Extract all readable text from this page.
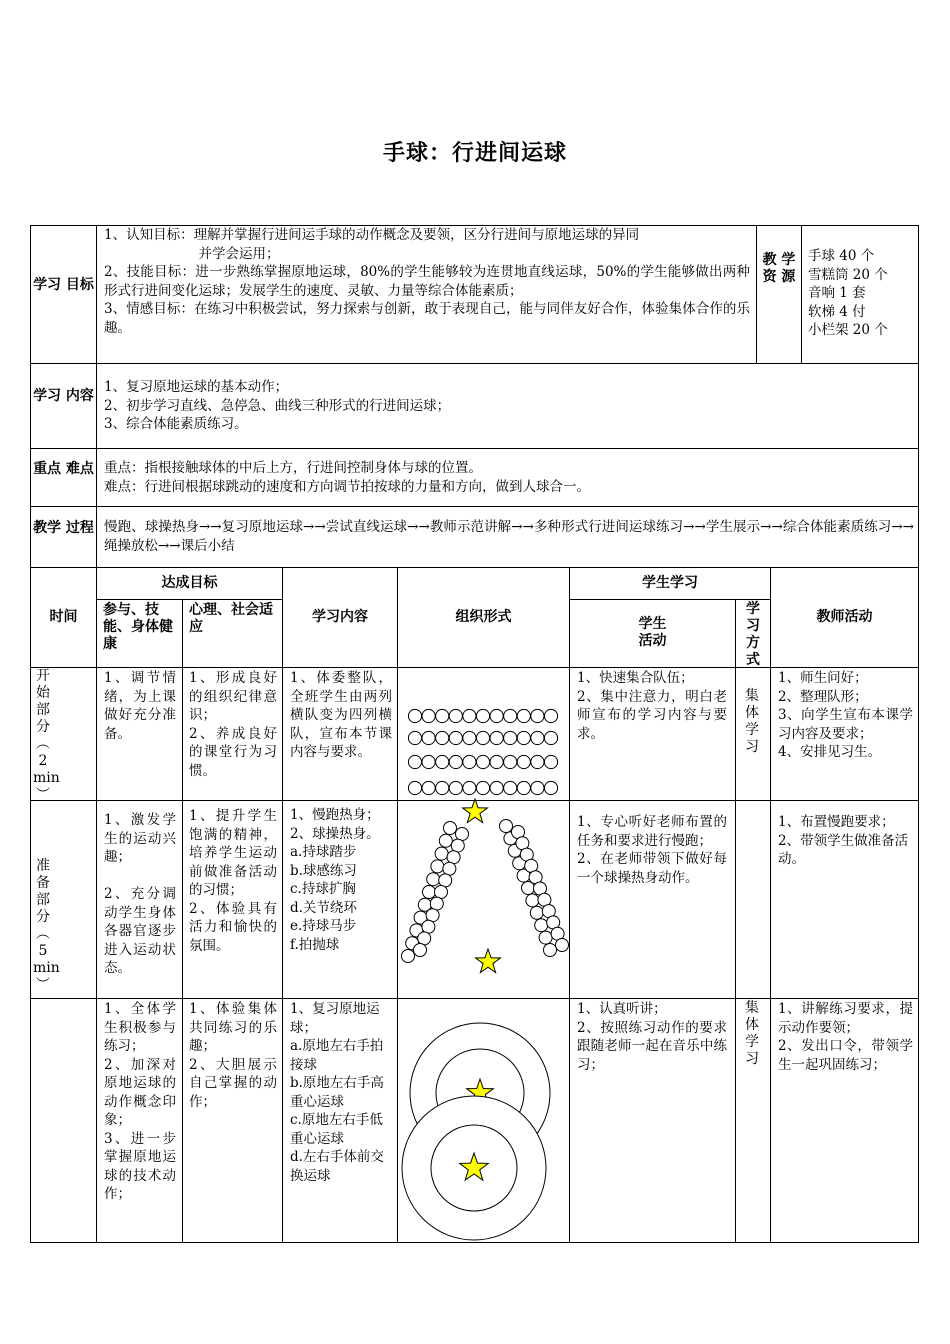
手球：行进间运球
学习 目标
1、认知目标：理解并掌握行进间运手球的动作概念及要领，区分行进间与原地运球的异同
　　　　　　　并学会运用；
2、技能目标：进一步熟练掌握原地运球，80%的学生能够较为连贯地直线运球，50%的学生能够做出两种形式行进间变化运球；发展学生的速度、灵敏、力量等综合体能素质；
3、情感目标：在练习中积极尝试，努力探索与创新，敢于表现自己，能与同伴友好合作，体验集体合作的乐趣。
教 学 资 源
手球 40 个
雪糕筒 20 个
音响 1 套
软梯 4 付
小栏架 20 个
学习 内容
1、复习原地运球的基本动作；
2、初步学习直线、急停急、曲线三种形式的行进间运球；
3、综合体能素质练习。
重点 难点 重点：指根接触球体的中后上方，行进间控制身体与球的位置。
难点：行进间根据球跳动的速度和方向调节拍按球的力量和方向，做到人球合一。
教学 过程 慢跑、球操热身→→复习原地运球→→尝试直线运球→→教师示范讲解→→多种形式行进间运球练习→→学生展示→→综合体能素质练习→→绳操放松→→课后小结
时间
达成目标
参与、技能、身体健康
心理、社会适应
学习内容	组织形式
学生学习
学生
活动
学
习
方
式
教师活动
开
始
部
分
︵
2
min
︶
1、调节情绪，为上课做好充分准备。
1、形成良好的组织纪律意识；
2、养成良好的课堂行为习惯。
1、体委整队，全班学生由两列横队变为四列横队，宣布本节课内容与要求。
1、快速集合队伍；
2、集中注意力，明白老师宣布的学习内容与要求。
集
体
学
习
1、师生问好；
2、整理队形；
3、向学生宣布本课学习内容及要求；
4、安排见习生。
准
备
部
分
︵
5
min
︶
1、激发学生的运动兴趣；

2、充分调动学生身体各器官逐步进入运动状态。
1、提升学生饱满的精神，培养学生运动前做准备活动的习惯；
2、体验具有活力和愉快的氛围。
1、慢跑热身；
2、球操热身。
a.持球踏步
b.球感练习
c.持球扩胸
d.关节绕环
e.持球马步
f.拍抛球
1、专心听好老师布置的任务和要求进行慢跑；
2、在老师带领下做好每一个球操热身动作。
1、布置慢跑要求；
2、带领学生做准备活动。
1、全体学生积极参与练习；
2、加深对原地运球的动作概念印象；
3、进一步掌握原地运球的技术动作；
1、体验集体共同练习的乐趣；
2、大胆展示自己掌握的动作；
1、复习原地运球；
a.原地左右手拍接球
b.原地左右手高重心运球
c.原地左右手低重心运球
d.左右手体前交换运球
1、认真听讲；
2、按照练习动作的要求跟随老师一起在音乐中练习；
集
体
学
习
1、讲解练习要求，提示动作要领；
2、发出口令，带领学生一起巩固练习；
